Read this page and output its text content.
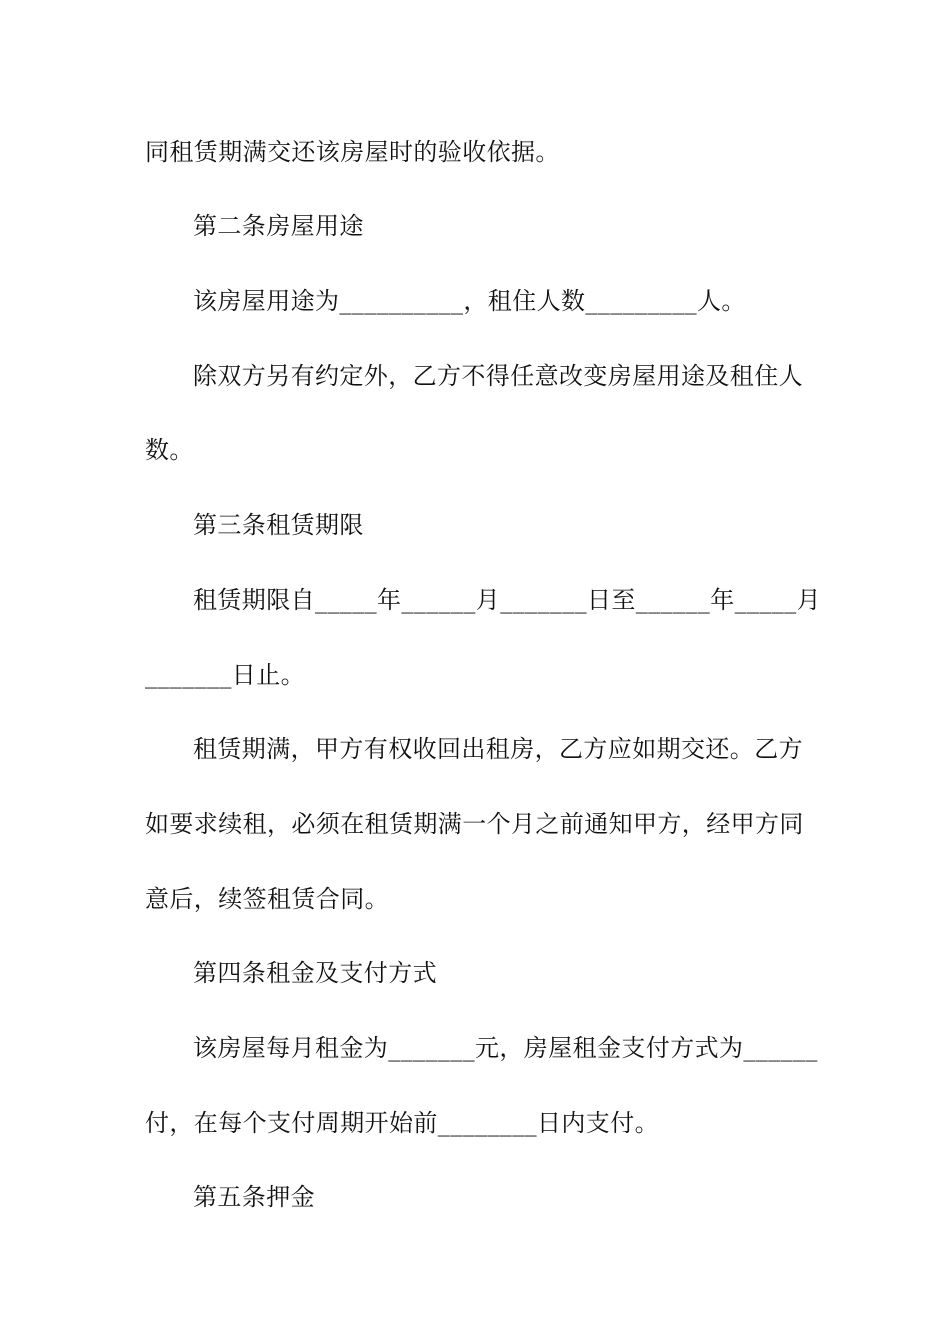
同租赁期满交还该房屋时的验收依据。
第二条房屋用途
该房屋用途为__________，租住人数_________人。
除双方另有约定外，乙方不得任意改变房屋用途及租住人
数。
第三条租赁期限
租赁期限自_____年______月_______日至______年_____月
_______日止。
租赁期满，甲方有权收回出租房，乙方应如期交还。乙方
如要求续租，必须在租赁期满一个月之前通知甲方，经甲方同
意后，续签租赁合同。
第四条租金及支付方式
该房屋每月租金为_______元，房屋租金支付方式为______
付，在每个支付周期开始前________日内支付。
第五条押金
